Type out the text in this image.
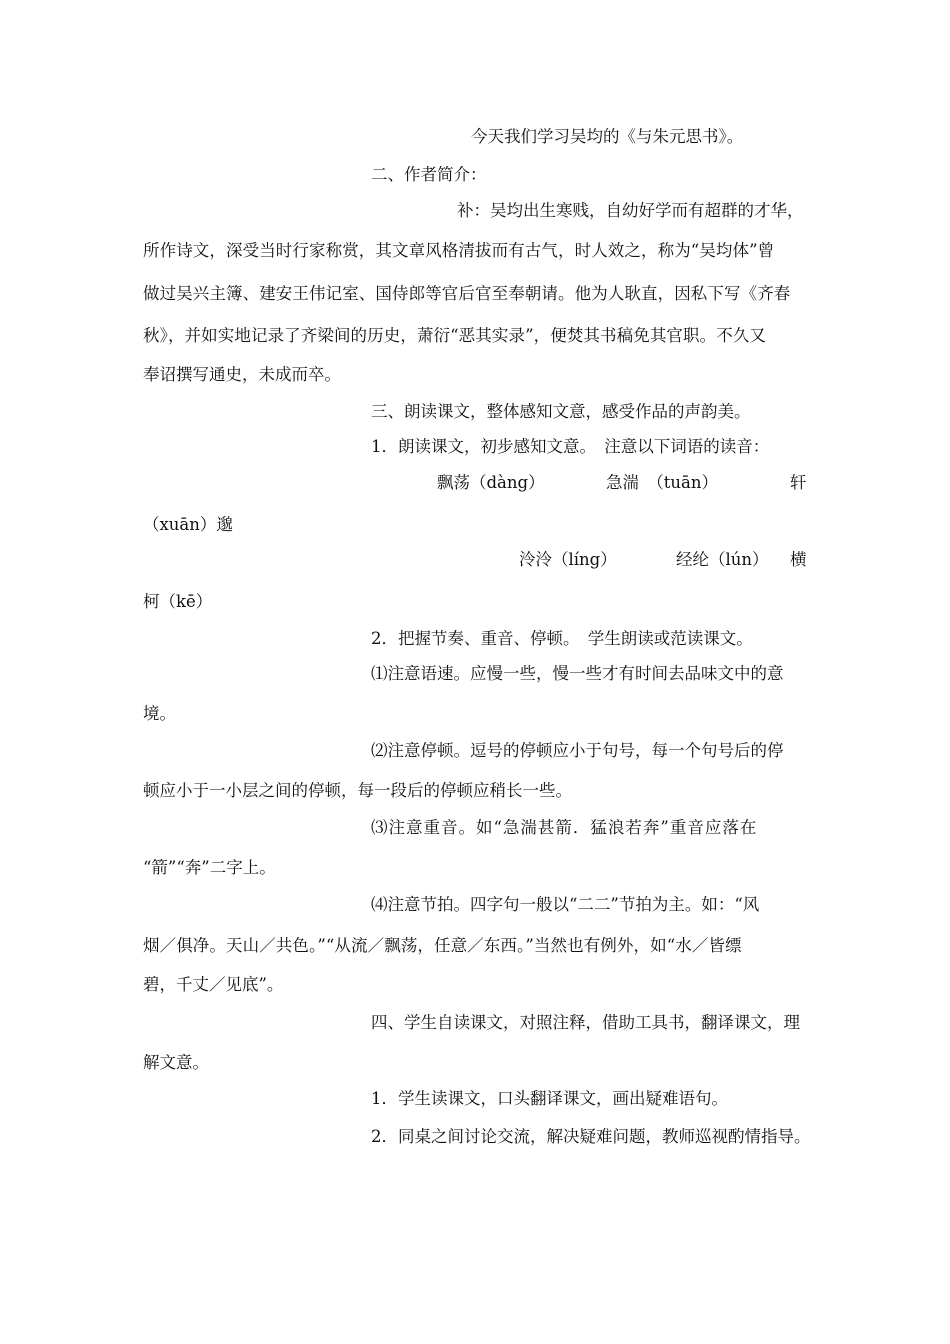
今天我们学习吴均的《与朱元思书》。
二、作者简介：
补：吴均出生寒贱，自幼好学而有超群的才华，
所作诗文，深受当时行家称赏，其文章风格清拔而有古气，时人效之，称为“吴均体”曾
做过吴兴主簿、建安王伟记室、国侍郎等官后官至奉朝请。他为人耿直，因私下写《齐春
秋》，并如实地记录了齐梁间的历史，萧衍“恶其实录”，便焚其书稿免其官职。不久又
奉诏撰写通史，未成而卒。
三、朗读课文，整体感知文意，感受作品的声韵美。
1．朗读课文，初步感知文意。　注意以下词语的读音：
飘荡（dàng）	急湍　（tuān）	轩
（xuān）邈
泠泠（líng）	经纶（lún） 横
柯（kē）
2．把握节奏、重音、停顿。　学生朗读或范读课文。
⑴注意语速。应慢一些，慢一些才有时间去品味文中的意
境。
⑵注意停顿。逗号的停顿应小于句号，每一个句号后的停
顿应小于一小层之间的停顿，每一段后的停顿应稍长一些。
⑶注意重音。如“急湍甚箭．猛浪若奔”重音应落在
“箭”“奔”二字上。
⑷注意节拍。四字句一般以“二二”节拍为主。如：“风
烟／俱净。天山／共色。”“从流／飘荡，任意／东西。”当然也有例外，如“水／皆缥
碧，千丈／见底”。
四、学生自读课文，对照注释，借助工具书，翻译课文，理
解文意。
1．学生读课文，口头翻译课文，画出疑难语句。
2．同桌之间讨论交流，解决疑难问题，教师巡视酌情指导。
